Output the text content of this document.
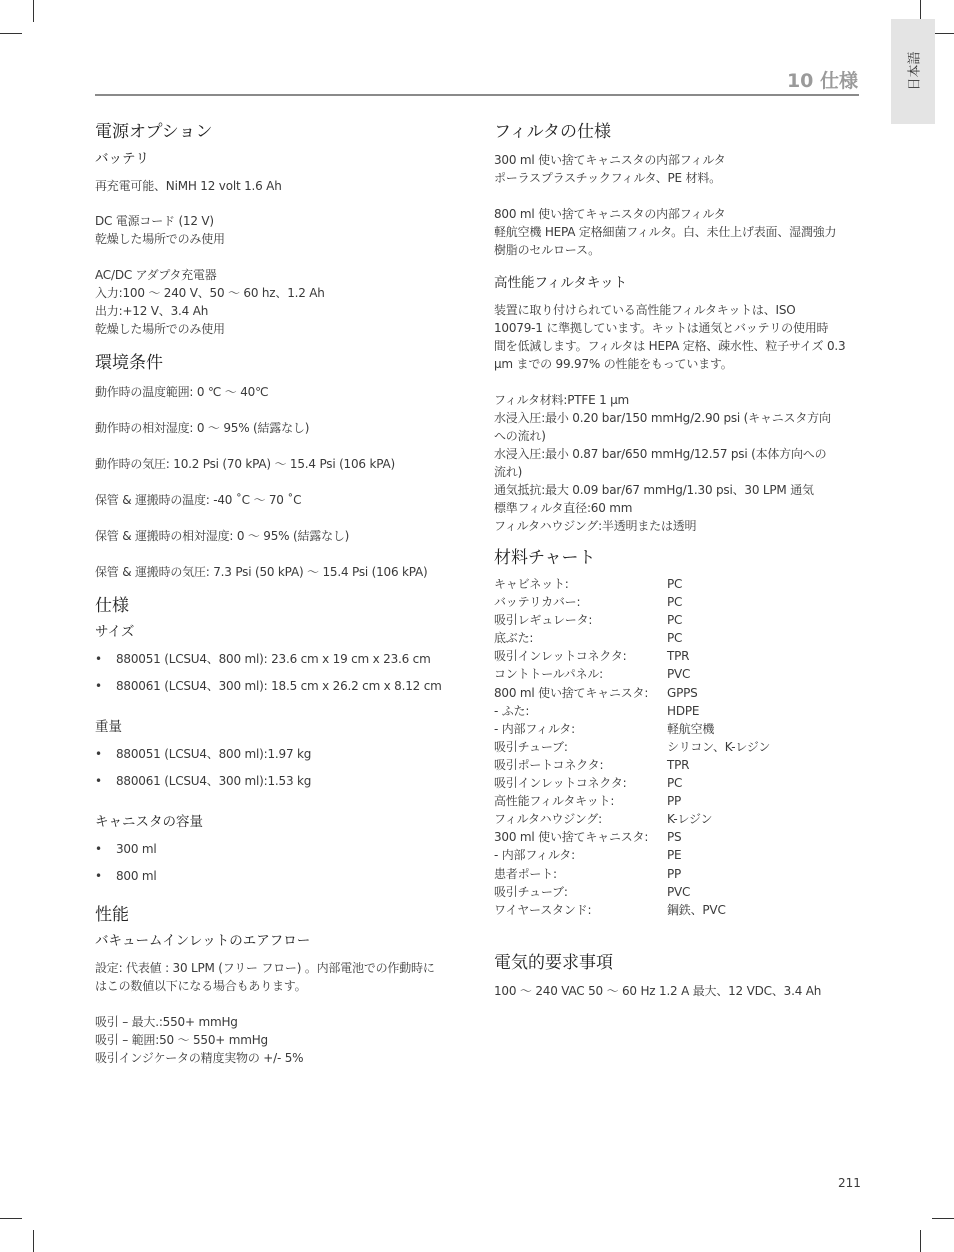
日本語
10 仕様
電源オプション
バッテリ

再充電可能、NiMH 12 volt 1.6 Ah

DC 電源コード (12 V)

乾燥した場所でのみ使用

AC/DC アダプタ充電器

入力:100 〜 240 V、50 〜 60 hz、1.2 Ah

出力:+12 V、3.4 Ah

乾燥した場所でのみ使用

環境条件

動作時の温度範囲: 0 ℃ 〜 40℃

動作時の相対湿度: 0 〜 95% (結露なし)

動作時の気圧: 10.2 Psi (70 kPA) 〜 15.4 Psi (106 kPA)

保管 & 運搬時の温度: -40 ˚C 〜 70 ˚C

保管 & 運搬時の相対湿度: 0 〜 95% (結露なし)

保管 & 運搬時の気圧: 7.3 Psi (50 kPA) 〜 15.4 Psi (106 kPA)

仕様
サイズ
• 880051 (LCSU4、800 ml): 23.6 cm x 19 cm x 23.6 cm
• 880061 (LCSU4、300 ml): 18.5 cm x 26.2 cm x 8.12 cm
重量
• 880051 (LCSU4、800 ml):1.97 kg
• 880061 (LCSU4、300 ml):1.53 kg
キャニスタの容量
• 300 ml
• 800 ml
性能
バキュームインレットのエアフロー

設定: 代表値 : 30 LPM (フリー フロー) 。内部電池での作動時に

はこの数値以下になる場合もあります。

吸引 – 最大.:550+ mmHg

吸引 – 範囲:50 〜 550+ mmHg

吸引インジケータの精度実物の +/- 5%

フィルタの仕様

300 ml 使い捨てキャニスタの内部フィルタ

ポーラスプラスチックフィルタ、PE 材料。

800 ml 使い捨てキャニスタの内部フィルタ

軽航空機 HEPA 定格細菌フィルタ。白、未仕上げ表面、湿潤強力

樹脂のセルロース。

高性能フィルタキット

装置に取り付けられている高性能フィルタキットは、ISO

10079-1 に準拠しています。キットは通気とバッテリの使用時

間を低減します。フィルタは HEPA 定格、疎水性、粒子サイズ 0.3

μm までの 99.97% の性能をもっています。

フィルタ材料:PTFE 1 μm

水浸入圧:最小 0.20 bar/150 mmHg/2.90 psi (キャニスタ方向

への流れ)

水浸入圧:最小 0.87 bar/650 mmHg/12.57 psi (本体方向への

流れ)

通気抵抗:最大 0.09 bar/67 mmHg/1.30 psi、30 LPM 通気

標準フィルタ直径:60 mm

フィルタハウジング:半透明または透明

材料チャート
キャビネット:	PC
バッテリカバー:	PC
吸引レギュレータ:	PC
底ぶた:	PC
吸引インレットコネクタ:	TPR
コントトールパネル:	PVC
800 ml 使い捨てキャニスタ:	GPPS
- ふた:	HDPE
- 内部フィルタ:	軽航空機
吸引チューブ:	シリコン、K-レジン
吸引ポートコネクタ:	TPR
吸引インレットコネクタ:	PC
高性能フィルタキット:	PP
フィルタハウジング:	K-レジン
300 ml 使い捨てキャニスタ:	PS
- 内部フィルタ:	PE
患者ポート:	PP
吸引チューブ:	PVC
ワイヤースタンド:	鋼鉄、PVC
電気的要求事項

100 〜 240 VAC 50 〜 60 Hz 1.2 A 最大、12 VDC、3.4 Ah

211
